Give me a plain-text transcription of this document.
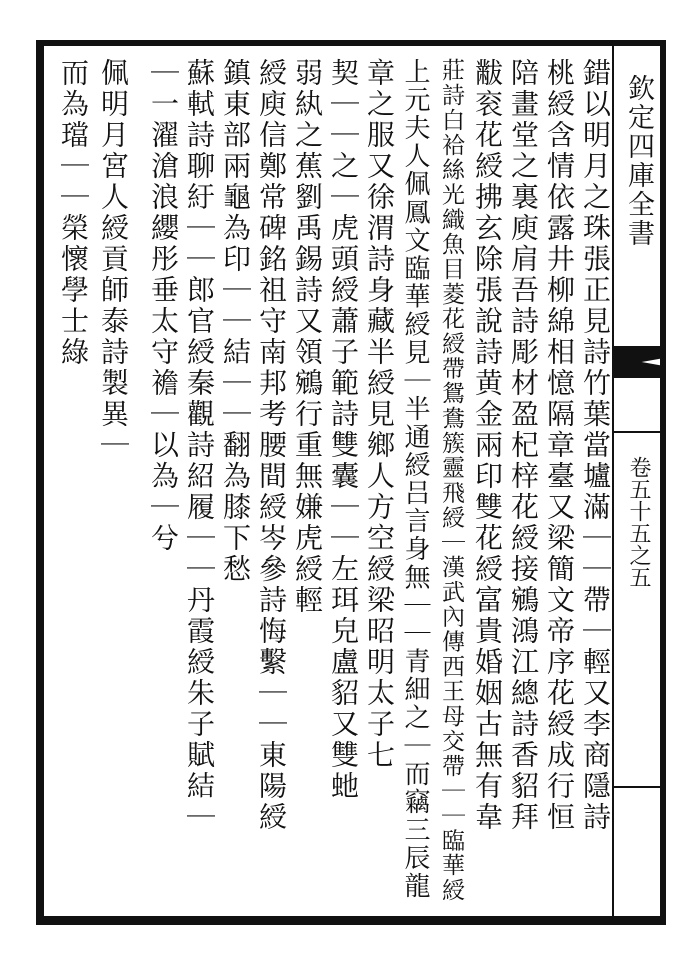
欽定四庫全書
卷五十五之五
錯以明月之珠張正見詩竹葉當壚滿｜｜帶｜輕又李商隱詩
桃綬含情依露井柳綿相憶隔章臺又梁簡文帝序花綬成行恒
陪畫堂之裏庾肩吾詩彫材盈杞梓花綬接鵷鴻江總詩香貂拜
黻衮花綬拂玄除張說詩黄金兩印雙花綬富貴婚姻古無有韋
莊詩白袷絲光織魚目菱花綬帶鴛鴦簇靈飛綬｜漢武內傳西王母交帶｜｜臨華綬
上元夫人佩鳳文臨華綬見｜半通綬吕言身無｜｜青細之｜而竊三辰龍
章之服又徐渭詩身藏半綬見鄉人方空綬梁昭明太子七
契｜｜之｜虎頭綬蕭子範詩雙囊｜｜左珥皃盧貂又雙虵
弱紈之蕉劉禹錫詩又領鵷行重無嫌虎綬輕
綬庾信鄭常碑銘祖守南邦考腰間綬岑參詩悔繫｜｜東陽綬
鎮東部兩龜為印｜｜結｜｜翻為膝下愁
蘇軾詩聊紆｜｜郎官綬秦觀詩紹履｜｜丹霞綬朱子賦結｜
｜一濯滄浪纓彤垂太守襜｜以為｜兮
佩明月宮人綬貢師泰詩製異｜
而為璫｜｜榮懷學士綠
